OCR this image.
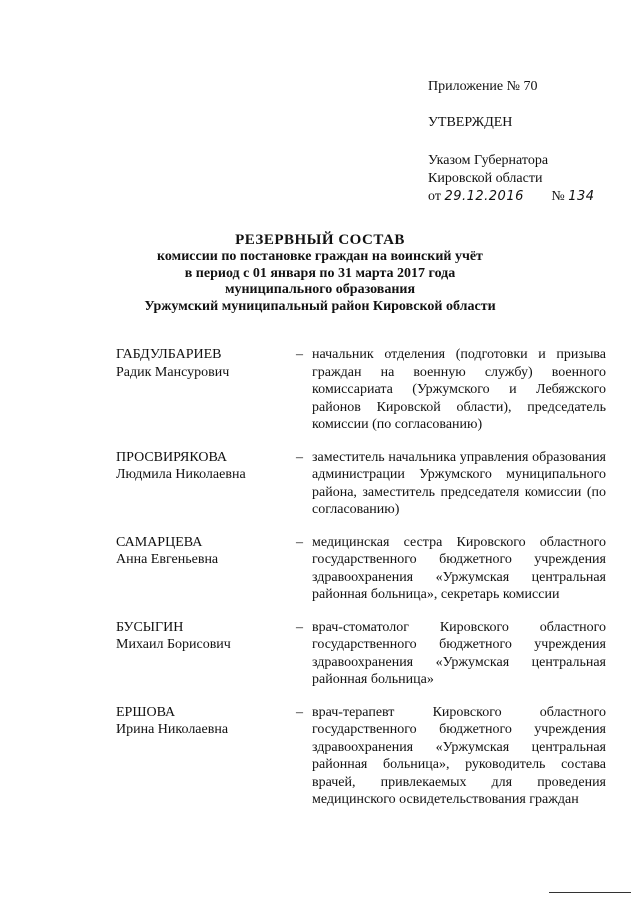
Приложение № 70
УТВЕРЖДЕН
Указом Губернатора
Кировской области
от 29.12.2016 № 134
РЕЗЕРВНЫЙ СОСТАВ
комиссии по постановке граждан на воинский учёт
в период с 01 января по 31 марта 2017 года
муниципального образования
Уржумский муниципальный район Кировской области
ГАБДУЛБАРИЕВ
Радик Мансурович
– начальник отделения (подготовки и призыва граждан на военную службу) военного комиссариата (Уржумского и Лебяжского районов Кировской области), председатель комиссии (по согласованию)
ПРОСВИРЯКОВА
Людмила Николаевна
– заместитель начальника управления образования администрации Уржумского муниципального района, заместитель председателя комиссии (по согласованию)
САМАРЦЕВА
Анна Евгеньевна
– медицинская сестра Кировского областного государственного бюджетного учреждения здравоохранения «Уржумская центральная районная больница», секретарь комиссии
БУСЫГИН
Михаил Борисович
– врач-стоматолог Кировского областного государственного бюджетного учреждения здравоохранения «Уржумская центральная районная больница»
ЕРШОВА
Ирина Николаевна
– врач-терапевт Кировского областного государственного бюджетного учреждения здравоохранения «Уржумская центральная районная больница», руководитель состава врачей, привлекаемых для проведения медицинского освидетельствования граждан
